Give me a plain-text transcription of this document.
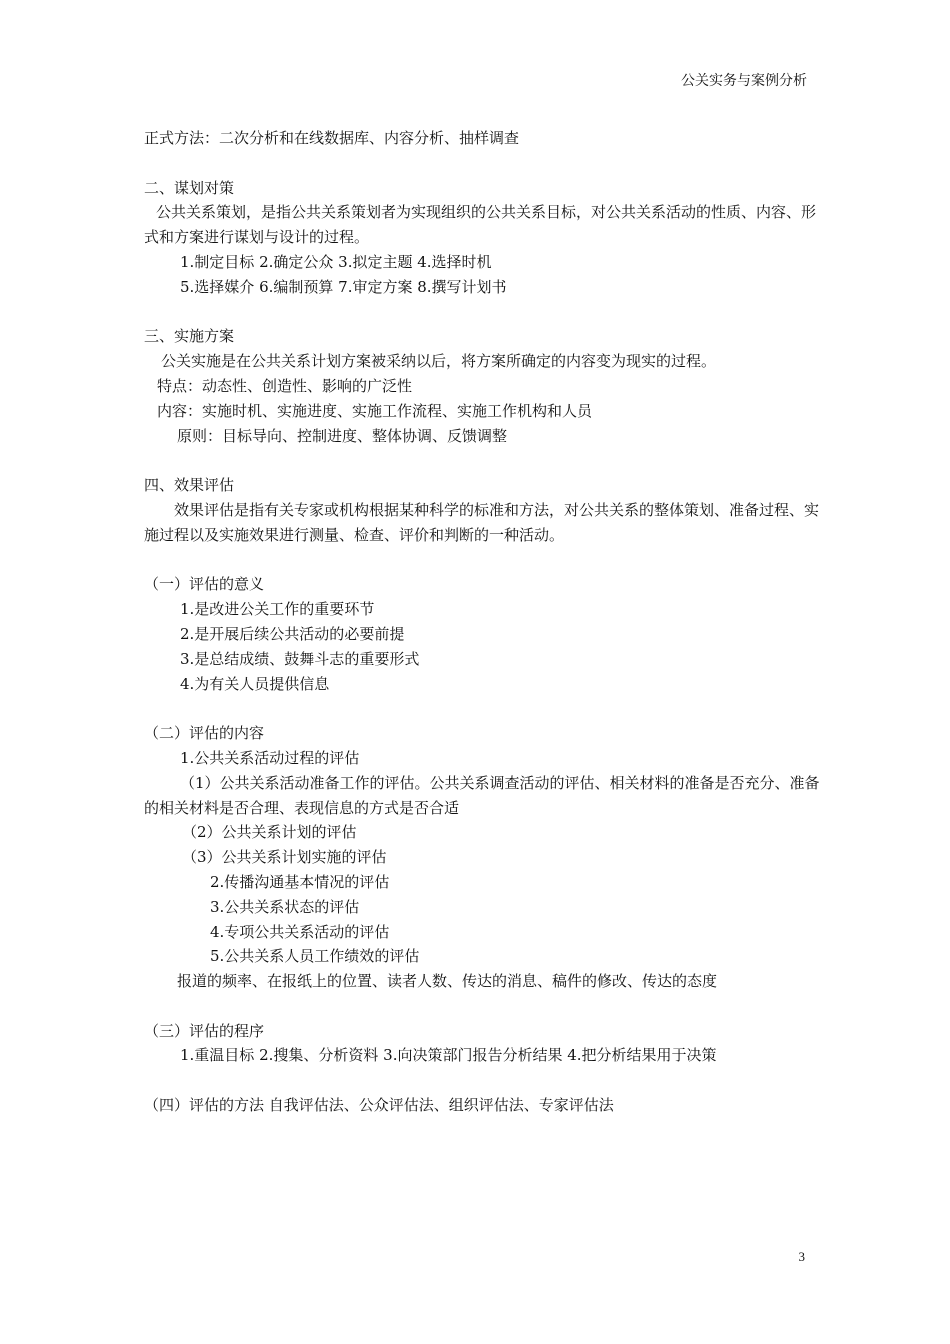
公关实务与案例分析

正式方法：二次分析和在线数据库、内容分析、抽样调查

二、谋划对策

公共关系策划，是指公共关系策划者为实现组织的公共关系目标，对公共关系活动的性质、内容、形式和方案进行谋划与设计的过程。

1.制定目标 2.确定公众 3.拟定主题 4.选择时机

5.选择媒介 6.编制预算 7.审定方案 8.撰写计划书

三、实施方案

公关实施是在公共关系计划方案被采纳以后，将方案所确定的内容变为现实的过程。

特点：动态性、创造性、影响的广泛性

内容：实施时机、实施进度、实施工作流程、实施工作机构和人员

原则：目标导向、控制进度、整体协调、反馈调整

四、效果评估

效果评估是指有关专家或机构根据某种科学的标准和方法，对公共关系的整体策划、准备过程、实施过程以及实施效果进行测量、检查、评价和判断的一种活动。

（一）评估的意义

1.是改进公关工作的重要环节

2.是开展后续公共活动的必要前提

3.是总结成绩、鼓舞斗志的重要形式

4.为有关人员提供信息

（二）评估的内容

1.公共关系活动过程的评估

（1）公共关系活动准备工作的评估。公共关系调查活动的评估、相关材料的准备是否充分、准备的相关材料是否合理、表现信息的方式是否合适

（2）公共关系计划的评估

（3）公共关系计划实施的评估

2.传播沟通基本情况的评估

3.公共关系状态的评估

4.专项公共关系活动的评估

5.公共关系人员工作绩效的评估

报道的频率、在报纸上的位置、读者人数、传达的消息、稿件的修改、传达的态度

（三）评估的程序

1.重温目标 2.搜集、分析资料 3.向决策部门报告分析结果 4.把分析结果用于决策

（四）评估的方法 自我评估法、公众评估法、组织评估法、专家评估法

3
